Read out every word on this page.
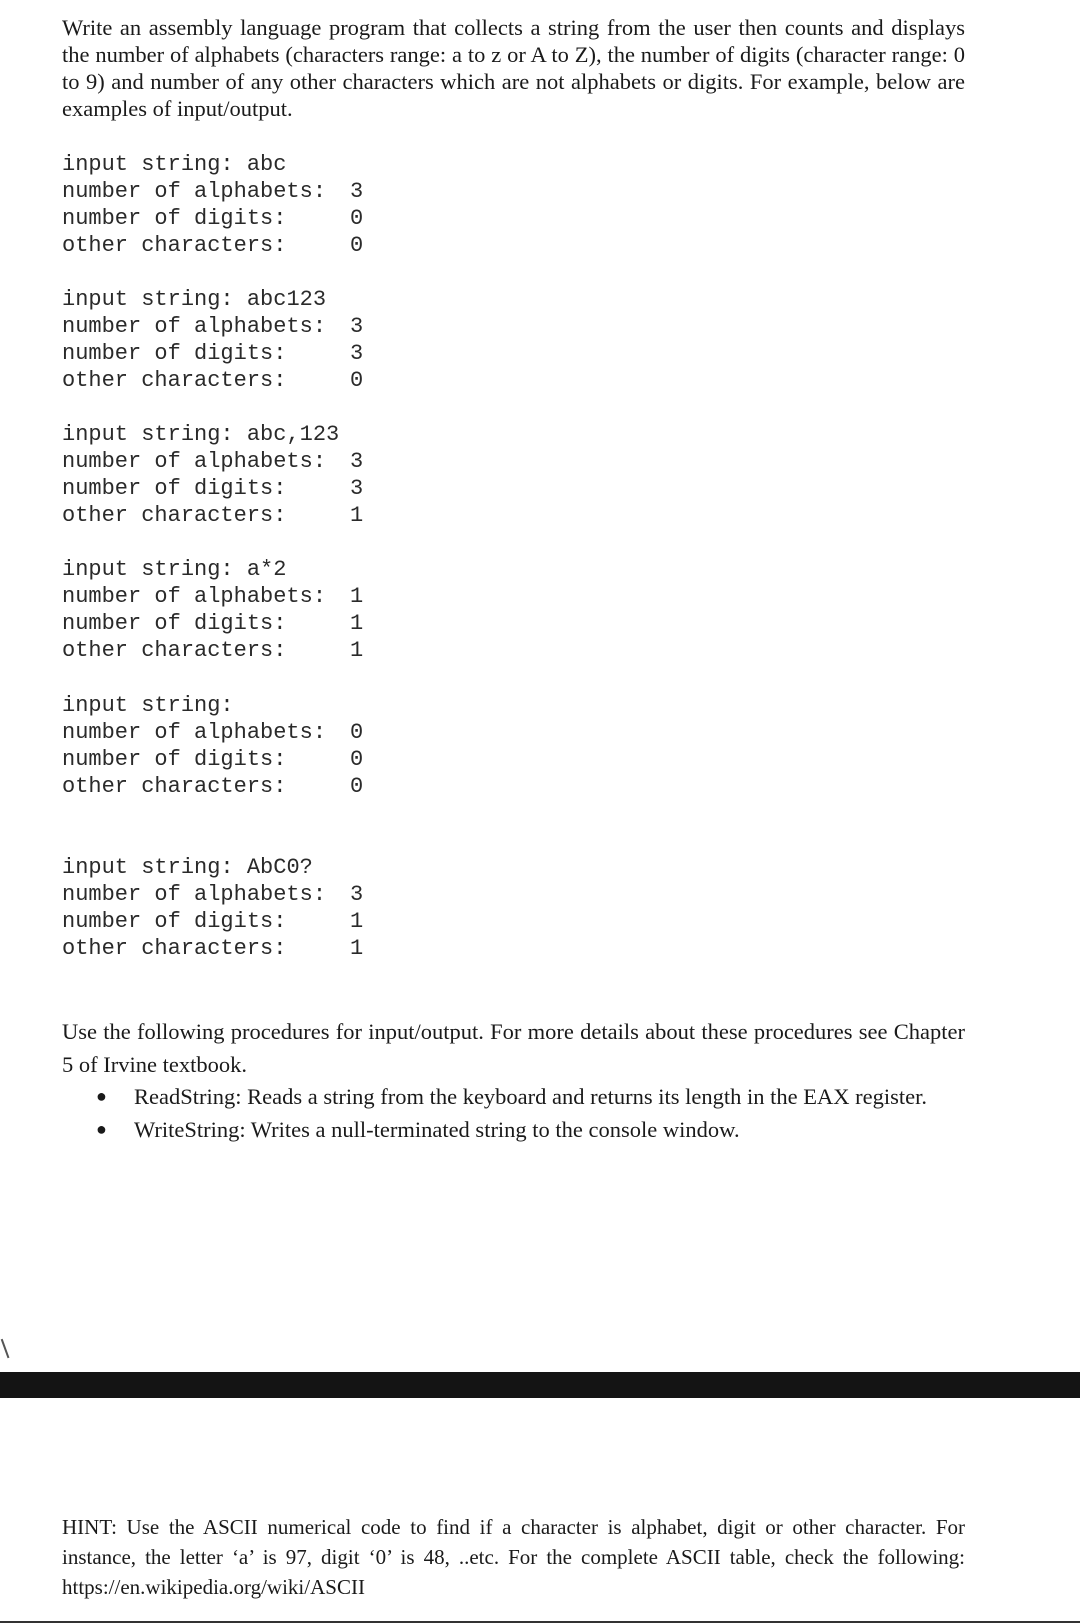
Write an assembly language program that collects a string from the user then counts and displays the number of alphabets (characters range: a to z or A to Z), the number of digits (character range: 0 to 9) and number of any other characters which are not alphabets or digits. For example, below are examples of input/output.

input string: abc
number of alphabets:	3
number of digits:	0
other characters:	0
input string: abc123
number of alphabets:	3
number of digits:	3
other characters:	0
input string: abc,123
number of alphabets:	3
number of digits:	3
other characters:	1
input string: a*2
number of alphabets:	1
number of digits:	1
other characters:	1
input string:
number of alphabets:	0
number of digits:	0
other characters:	0
input string: AbC0?
number of alphabets:	3
number of digits:	1
other characters:	1

Use the following procedures for input/output. For more details about these procedures see Chapter 5 of Irvine textbook.

●	ReadString: Reads a string from the keyboard and returns its length in the EAX register.
●	WriteString: Writes a null-terminated string to the console window.

HINT: Use the ASCII numerical code to find if a character is alphabet, digit or other character. For instance, the letter ‘a’ is 97, digit ‘0’ is 48, ..etc. For the complete ASCII table, check the following: https://en.wikipedia.org/wiki/ASCII
